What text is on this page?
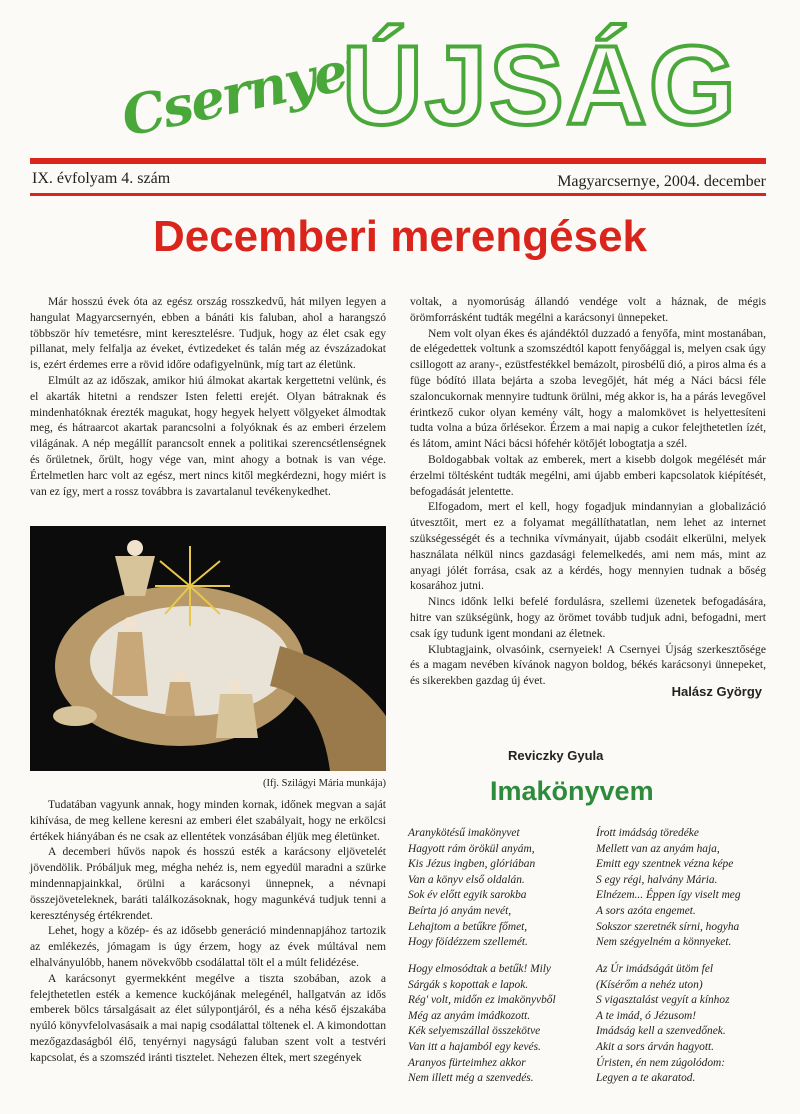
Csernyei
ÚJSÁG
IX. évfolyam 4. szám	Magyarcsernye, 2004. december
Decemberi merengések

Már hosszú évek óta az egész ország rosszkedvű, hát milyen legyen a hangulat Magyarcsernyén, ebben a bánáti kis faluban, ahol a harangszó többször hív temetésre, mint keresztelésre. Tudjuk, hogy az élet csak egy pillanat, mely felfalja az éveket, évtizedeket és talán még az évszázadokat is, ezért érdemes erre a rövid időre odafigyelnünk, míg tart az életünk.

Elmúlt az az időszak, amikor hiú álmokat akartak kergettetni velünk, és el akarták hitetni a rendszer Isten feletti erejét. Olyan bátraknak és mindenhatóknak érezték magukat, hogy hegyek helyett völgyeket álmodtak meg, és hátraarcot akartak parancsolni a folyóknak és az emberi érzelem világának. A nép megállít parancsolt ennek a politikai szerencsétlenségnek és őrületnek, őrült, hogy vége van, mint ahogy a botnak is van vége. Értelmetlen harc volt az egész, mert nincs kitől megkérdezni, hogy miért is van ez így, mert a rossz továbbra is zavartalanul tevékenykedhet.

(Ifj. Szilágyi Mária munkája)

Tudatában vagyunk annak, hogy minden kornak, időnek megvan a saját kihívása, de meg kellene keresni az emberi élet szabályait, hogy ne erkölcsi értékek hiányában és ne csak az ellentétek vonzásában éljük meg életünket.

A decemberi hűvös napok és hosszú esték a karácsony eljövetelét jövendölik. Próbáljuk meg, mégha nehéz is, nem egyedül maradni a szürke mindennapjainkkal, örülni a karácsonyi ünnepnek, a névnapi összejöveteleknek, baráti találkozásoknak, hogy magunkévá tudjuk tenni a kereszténység értékrendet.

Lehet, hogy a közép- és az idősebb generáció mindennapjához tartozik az emlékezés, jómagam is úgy érzem, hogy az évek múltával nem elhalványulóbb, hanem növekvőbb csodálattal tölt el a múlt felidézése.

A karácsonyt gyermekként megélve a tiszta szobában, azok a felejthetetlen esték a kemence kuckójának melegénél, hallgatván az idős emberek bölcs társalgásait az élet súlypontjáról, és a néha késő éjszakába nyúló könyvfelolvasásaik a mai napig csodálattal töltenek el. A kimondottan mezőgazdaságból élő, tenyérnyi nagyságú faluban szent volt a testvéri kapcsolat, és a szomszéd iránti tisztelet. Nehezen éltek, mert szegények

voltak, a nyomorúság állandó vendége volt a háznak, de mégis örömforrásként tudták megélni a karácsonyi ünnepeket.

Nem volt olyan ékes és ajándéktól duzzadó a fenyőfa, mint mostanában, de elégedettek voltunk a szomszédtól kapott fenyőággal is, melyen csak úgy csillogott az arany-, ezüstfestékkel bemázolt, pirosbélű dió, a piros alma és a füge bódító illata bejárta a szoba levegőjét, hát még a Náci bácsi féle szaloncukornak mennyire tudtunk örülni, még akkor is, ha a párás levegővel érintkező cukor olyan kemény vált, hogy a malomkövet is helyettesíteni tudta volna a búza őrlésekor. Érzem a mai napig a cukor felejthetetlen ízét, és látom, amint Náci bácsi hófehér kötőjét lobogtatja a szél.

Boldogabbak voltak az emberek, mert a kisebb dolgok megélését már érzelmi töltésként tudták megélni, ami újabb emberi kapcsolatok kiépítését, befogadását jelentette.

Elfogadom, mert el kell, hogy fogadjuk mindannyian a globalizáció útvesztőit, mert ez a folyamat megállíthatatlan, nem lehet az internet szükségességét és a technika vívmányait, újabb csodáit elkerülni, melyek használata nélkül nincs gazdasági felemelkedés, ami nem más, mint az anyagi jólét forrása, csak az a kérdés, hogy mennyien tudnak a bőség kosarához jutni.

Nincs időnk lelki befelé fordulásra, szellemi üzenetek befogadására, hitre van szükségünk, hogy az örömet tovább tudjuk adni, befogadni, mert csak így tudunk igent mondani az életnek.

Klubtagjaink, olvasóink, csernyeiek! A Csernyei Újság szerkesztősége és a magam nevében kívánok nagyon boldog, békés karácsonyi ünnepeket, és sikerekben gazdag új évet.

Halász György
Reviczky Gyula
Imakönyvem
Aranykötésű imakönyvet
Hagyott rám örökül anyám,
Kis Jézus ingben, glóriában
Van a könyv első oldalán.
Sok év előtt egyik sarokba
Beírta jó anyám nevét,
Lehajtom a betűkre főmet,
Hogy föídézzem szellemét.
Hogy elmosódtak a betűk! Mily
Sárgák s kopottak e lapok.
Rég' volt, midőn ez imakönyvből
Még az anyám imádkozott.
Kék selyemszállal összekötve
Van itt a hajamból egy kevés.
Aranyos fürteimhez akkor
Nem illett még a szenvedés.
Írott imádság töredéke
Mellett van az anyám haja,
Emitt egy szentnek vézna képe
S egy régi, halvány Mária.
Elnézem... Éppen így viselt meg
A sors azóta engemet.
Sokszor szeretnék sírni, hogyha
Nem szégyelném a könnyeket.
Az Úr imádságát ütöm fel
(Kísérőm a nehéz uton)
S vigasztalást vegyít a kínhoz
A te imád, ó Jézusom!
Imádság kell a szenvedőnek.
Akit a sors árván hagyott.
Úristen, én nem zúgolódom:
Legyen a te akaratod.
